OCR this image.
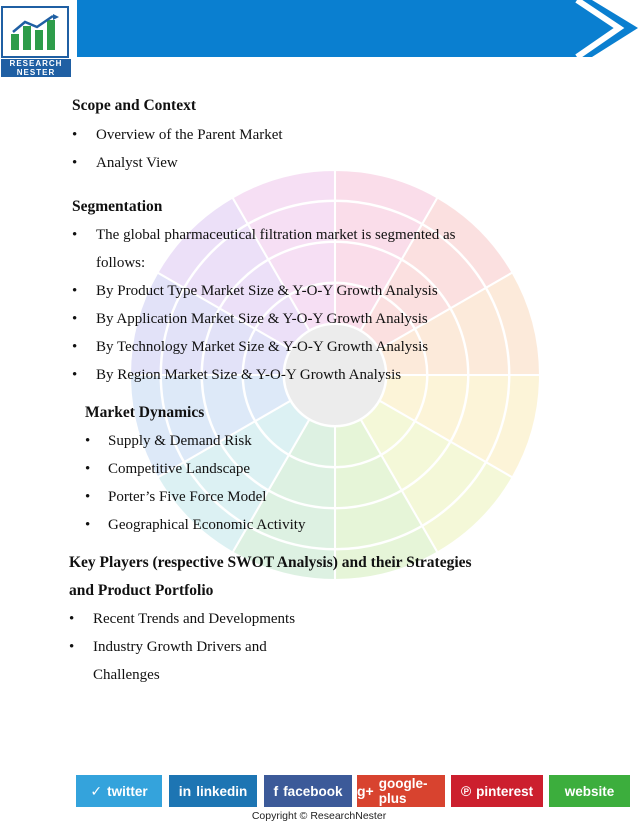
RESEARCH
NESTER
Scope and Context
• Overview of the Parent Market
• Analyst View
Segmentation
• The global pharmaceutical filtration market is segmented as
follows:
• By Product Type Market Size & Y-O-Y Growth Analysis
• By Application Market Size & Y-O-Y Growth Analysis
• By Technology Market Size & Y-O-Y Growth Analysis
• By Region Market Size & Y-O-Y Growth Analysis
Market Dynamics
• Supply & Demand Risk
• Competitive Landscape
• Porter’s Five Force Model
• Geographical Economic Activity
Key Players (respective SWOT Analysis) and their Strategies
and Product Portfolio
• Recent Trends and Developments
• Industry Growth Drivers and
Challenges
✓ twitter in linkedin f facebook g+ google-plus	℗ pinterest website
Copyright © ResearchNester
